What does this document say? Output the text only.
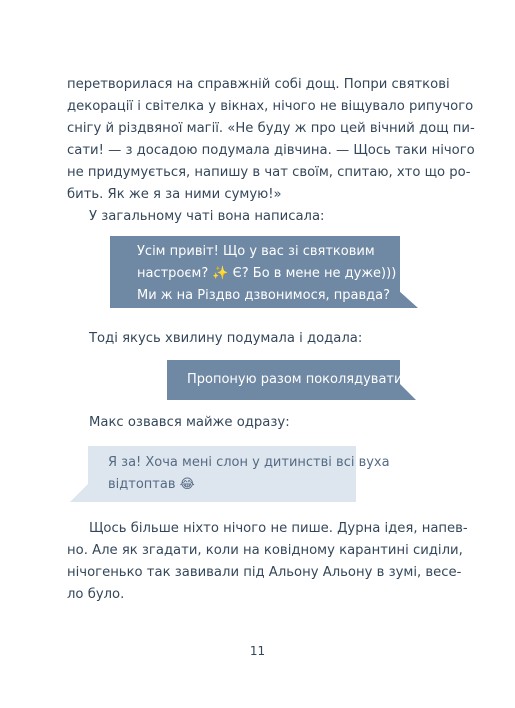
перетворилася на справжній собі дощ. Попри святкові
декорації і світелка у вікнах, нічого не віщувало рипучого
снігу й різдвяної магії. «Не буду ж про цей вічний дощ пи-
сати! — з досадою подумала дівчина. — Щось таки нічого
не придумується, напишу в чат своїм, спитаю, хто що ро-
бить. Як же я за ними сумую!»
У загальному чаті вона написала:
Усім привіт! Що у вас зі святковим
настроєм? ✨ Є? Бо в мене не дуже)))
Ми ж на Різдво дзвонимося, правда?
Тоді якусь хвилину подумала і додала:
Пропоную разом поколядувати.
Макс озвався майже одразу:
Я за! Хоча мені слон у дитинстві всі вуха
відтоптав 😂
Щось більше ніхто нічого не пише. Дурна ідея, напев-
но. Але як згадати, коли на ковідному карантині сиділи,
нічогенько так завивали під Альону Альону в зумі, весе-
ло було.
11
